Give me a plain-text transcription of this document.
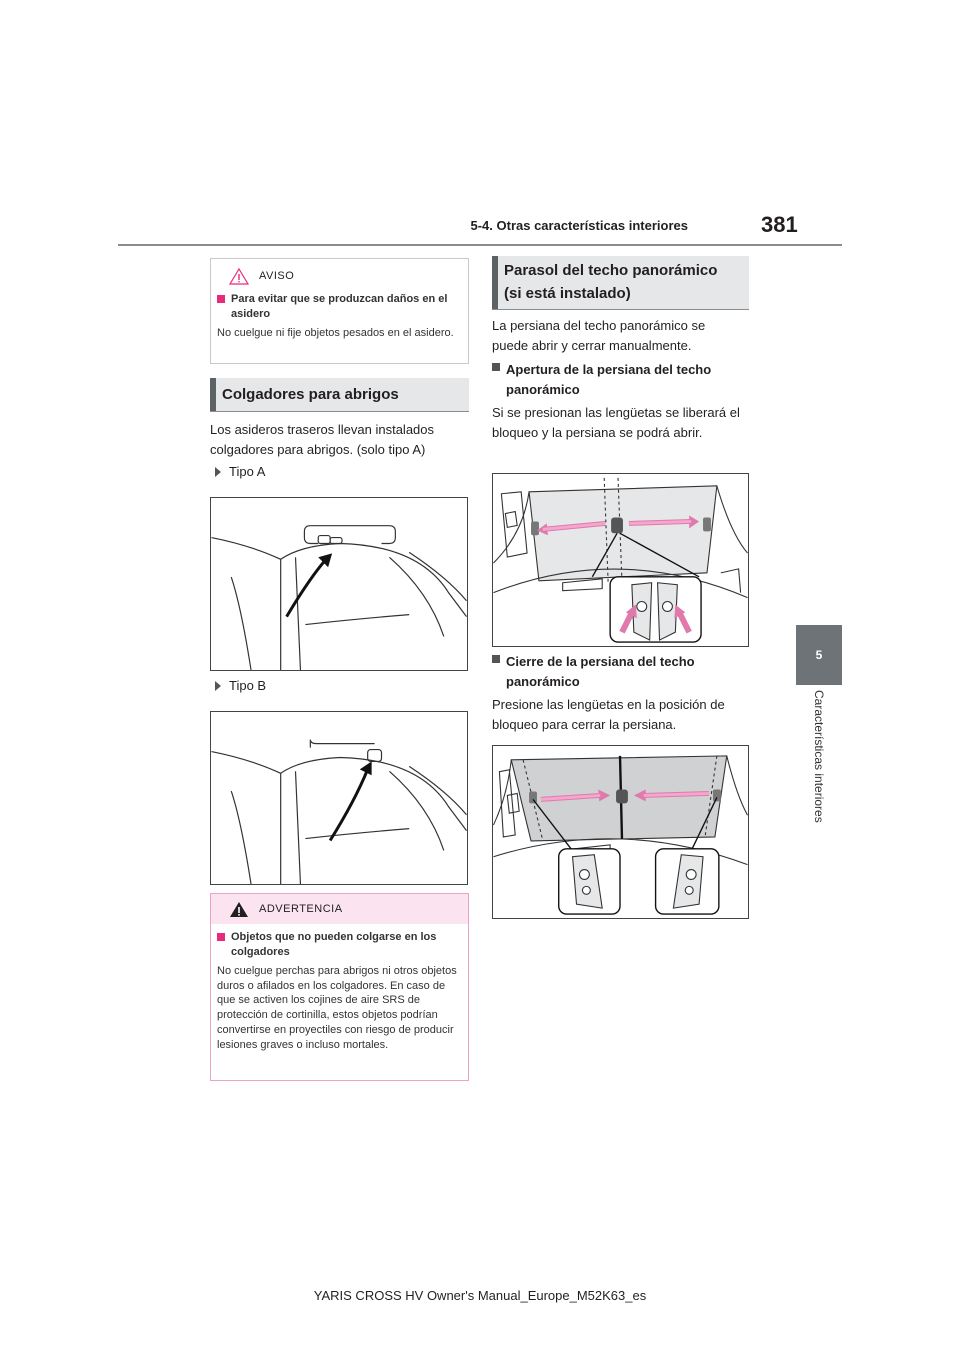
5-4. Otras características interiores	381
5
Características interiores
AVISO
Para evitar que se produzcan daños en el asidero
No cuelgue ni fije objetos pesados en el asidero.
Colgadores para abrigos
Los asideros traseros llevan instalados colgadores para abrigos. (solo tipo A)
Tipo A
Tipo B
ADVERTENCIA
Objetos que no pueden colgarse en los colgadores
No cuelgue perchas para abrigos ni otros objetos duros o afilados en los colgadores. En caso de que se activen los cojines de aire SRS de protección de cortinilla, estos objetos podrían convertirse en proyectiles con riesgo de producir lesiones graves o incluso mortales.
Parasol del techo panorámico
(si está instalado)
La persiana del techo panorámico se puede abrir y cerrar manualmente.
Apertura de la persiana del techo panorámico
Si se presionan las lengüetas se liberará el bloqueo y la persiana se podrá abrir.
Cierre de la persiana del techo panorámico
Presione las lengüetas en la posición de bloqueo para cerrar la persiana.
YARIS CROSS HV Owner's Manual_Europe_M52K63_es
